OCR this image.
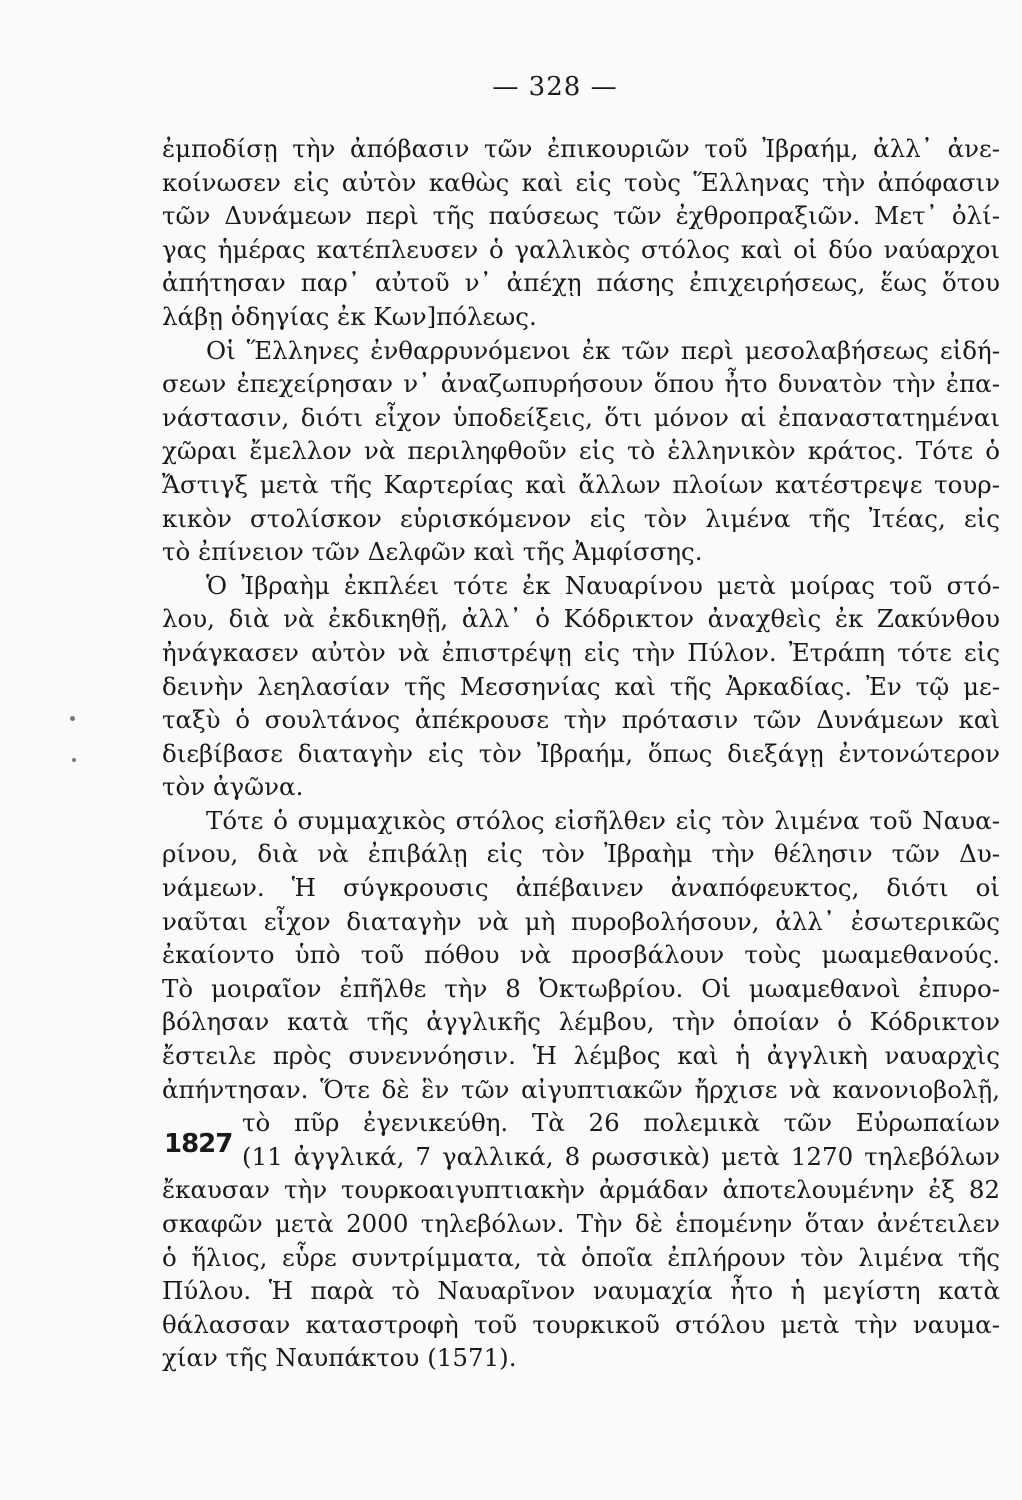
— 328 —
1827
ἐμποδίσῃ τὴν ἀπόβασιν τῶν ἐπικουριῶν τοῦ Ἰβραήμ, ἀλλ᾽ ἀνε-
κοίνωσεν εἰς αὐτὸν καθὼς καὶ εἰς τοὺς Ἕλληνας τὴν ἀπόφασιν
τῶν Δυνάμεων περὶ τῆς παύσεως τῶν ἐχθροπραξιῶν. Μετ᾽ ὀλί-
γας ἡμέρας κατέπλευσεν ὁ γαλλικὸς στόλος καὶ οἱ δύο ναύαρχοι
ἀπήτησαν παρ᾽ αὐτοῦ ν᾽ ἀπέχῃ πάσης ἐπιχειρήσεως, ἕως ὅτου
λάβῃ ὁδηγίας ἐκ Κων]πόλεως.
Οἱ Ἕλληνες ἐνθαρρυνόμενοι ἐκ τῶν περὶ μεσολαβήσεως εἰδή-
σεων ἐπεχείρησαν ν᾽ ἀναζωπυρήσουν ὅπου ἦτο δυνατὸν τὴν ἐπα-
νάστασιν, διότι εἶχον ὑποδείξεις, ὅτι μόνον αἱ ἐπαναστατημέναι
χῶραι ἔμελλον νὰ περιληφθοῦν εἰς τὸ ἑλληνικὸν κράτος. Τότε ὁ
Ἄστιγξ μετὰ τῆς Καρτερίας καὶ ἄλλων πλοίων κατέστρεψε τουρ-
κικὸν στολίσκον εὑρισκόμενον εἰς τὸν λιμένα τῆς Ἰτέας, εἰς
τὸ ἐπίνειον τῶν Δελφῶν καὶ τῆς Ἀμφίσσης.
Ὁ Ἰβραὴμ ἐκπλέει τότε ἐκ Ναυαρίνου μετὰ μοίρας τοῦ στό-
λου, διὰ νὰ ἐκδικηθῇ, ἀλλ᾽ ὁ Κόδρικτον ἀναχθεὶς ἐκ Ζακύνθου
ἠνάγκασεν αὐτὸν νὰ ἐπιστρέψῃ εἰς τὴν Πύλον. Ἐτράπη τότε εἰς
δεινὴν λεηλασίαν τῆς Μεσσηνίας καὶ τῆς Ἀρκαδίας. Ἐν τῷ με-
ταξὺ ὁ σουλτάνος ἀπέκρουσε τὴν πρότασιν τῶν Δυνάμεων καὶ
διεβίβασε διαταγὴν εἰς τὸν Ἰβραήμ, ὅπως διεξάγῃ ἐντονώτερον
τὸν ἀγῶνα.
Τότε ὁ συμμαχικὸς στόλος εἰσῆλθεν εἰς τὸν λιμένα τοῦ Ναυα-
ρίνου, διὰ νὰ ἐπιβάλῃ εἰς τὸν Ἰβραὴμ τὴν θέλησιν τῶν Δυ-
νάμεων. Ἡ σύγκρουσις ἀπέβαινεν ἀναπόφευκτος, διότι οἱ
ναῦται εἶχον διαταγὴν νὰ μὴ πυροβολήσουν, ἀλλ᾽ ἐσωτερικῶς
ἐκαίοντο ὑπὸ τοῦ πόθου νὰ προσβάλουν τοὺς μωαμεθανούς.
Τὸ μοιραῖον ἐπῆλθε τὴν 8 Ὀκτωβρίου. Οἱ μωαμεθανοὶ ἐπυρο-
βόλησαν κατὰ τῆς ἀγγλικῆς λέμβου, τὴν ὁποίαν ὁ Κόδρικτον
ἔστειλε πρὸς συνεννόησιν. Ἡ λέμβος καὶ ἡ ἀγγλικὴ ναυαρχὶς
ἀπήντησαν. Ὅτε δὲ ἓν τῶν αἰγυπτιακῶν ἤρχισε νὰ κανονιοβολῇ,
τὸ πῦρ ἐγενικεύθη. Τὰ 26 πολεμικὰ τῶν Εὐρωπαίων
(11 ἀγγλικά, 7 γαλλικά, 8 ρωσσικὰ) μετὰ 1270 τηλεβόλων
ἔκαυσαν τὴν τουρκοαιγυπτιακὴν ἀρμάδαν ἀποτελουμένην ἐξ 82
σκαφῶν μετὰ 2000 τηλεβόλων. Τὴν δὲ ἑπομένην ὅταν ἀνέτειλεν
ὁ ἥλιος, εὗρε συντρίμματα, τὰ ὁποῖα ἐπλήρουν τὸν λιμένα τῆς
Πύλου. Ἡ παρὰ τὸ Ναυαρῖνον ναυμαχία ἦτο ἡ μεγίστη κατὰ
θάλασσαν καταστροφὴ τοῦ τουρκικοῦ στόλου μετὰ τὴν ναυμα-
χίαν τῆς Ναυπάκτου (1571).
